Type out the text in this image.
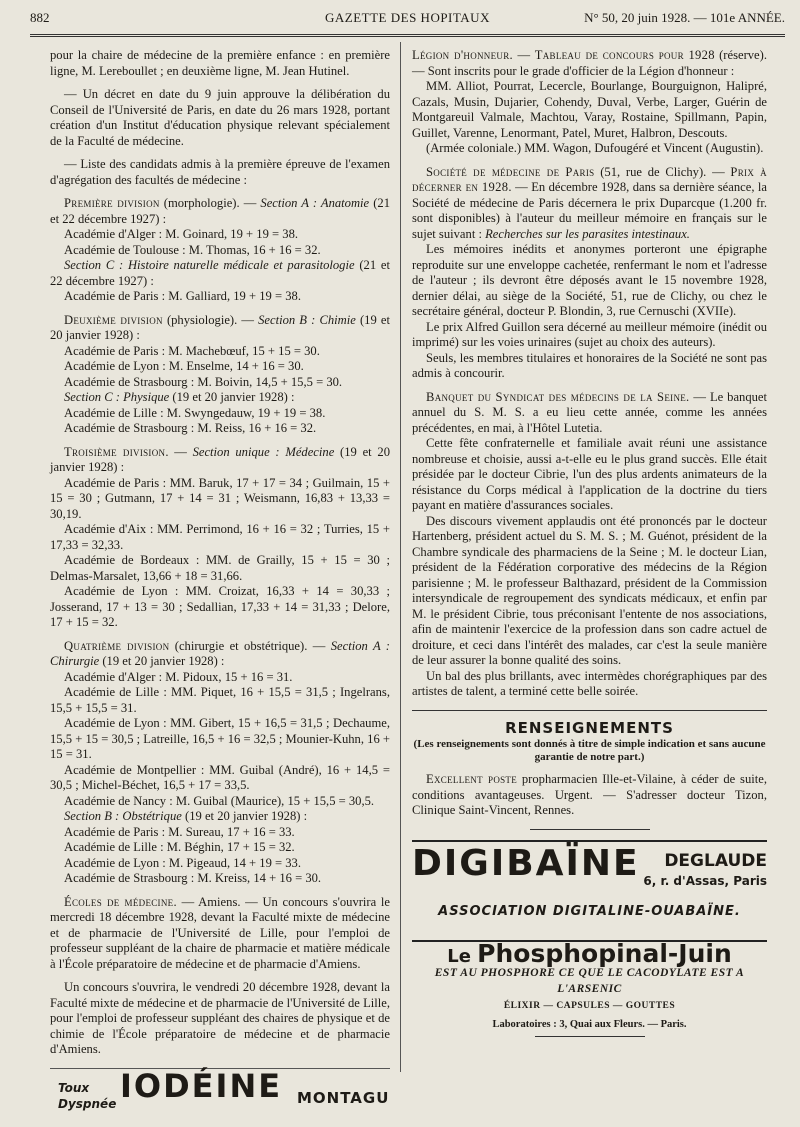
882	GAZETTE DES HOPITAUX	N° 50, 20 juin 1928. — 101e ANNÉE.

pour la chaire de médecine de la première enfance : en première ligne, M. Lereboullet ; en deuxième ligne, M. Jean Hutinel.

— Un décret en date du 9 juin approuve la délibération du Conseil de l'Université de Paris, en date du 26 mars 1928, portant création d'un Institut d'éducation physique relevant spécialement de la Faculté de médecine.

— Liste des candidats admis à la première épreuve de l'examen d'agrégation des facultés de médecine :

Première division (morphologie). — Section A : Anatomie (21 et 22 décembre 1927) :

Académie d'Alger : M. Goinard, 19 + 19 = 38.

Académie de Toulouse : M. Thomas, 16 + 16 = 32.

Section C : Histoire naturelle médicale et parasitologie (21 et 22 décembre 1927) :

Académie de Paris : M. Galliard, 19 + 19 = 38.

Deuxième division (physiologie). — Section B : Chimie (19 et 20 janvier 1928) :

Académie de Paris : M. Machebœuf, 15 + 15 = 30.

Académie de Lyon : M. Enselme, 14 + 16 = 30.

Académie de Strasbourg : M. Boivin, 14,5 + 15,5 = 30.

Section C : Physique (19 et 20 janvier 1928) :

Académie de Lille : M. Swyngedauw, 19 + 19 = 38.

Académie de Strasbourg : M. Reiss, 16 + 16 = 32.

Troisième division. — Section unique : Médecine (19 et 20 janvier 1928) :

Académie de Paris : MM. Baruk, 17 + 17 = 34 ; Guilmain, 15 + 15 = 30 ; Gutmann, 17 + 14 = 31 ; Weismann, 16,83 + 13,33 = 30,19.

Académie d'Aix : MM. Perrimond, 16 + 16 = 32 ; Turries, 15 + 17,33 = 32,33.

Académie de Bordeaux : MM. de Grailly, 15 + 15 = 30 ; Delmas-Marsalet, 13,66 + 18 = 31,66.

Académie de Lyon : MM. Croizat, 16,33 + 14 = 30,33 ; Josserand, 17 + 13 = 30 ; Sedallian, 17,33 + 14 = 31,33 ; Delore, 17 + 15 = 32.

Quatrième division (chirurgie et obstétrique). — Section A : Chirurgie (19 et 20 janvier 1928) :

Académie d'Alger : M. Pidoux, 15 + 16 = 31.

Académie de Lille : MM. Piquet, 16 + 15,5 = 31,5 ; Ingelrans, 15,5 + 15,5 = 31.

Académie de Lyon : MM. Gibert, 15 + 16,5 = 31,5 ; Dechaume, 15,5 + 15 = 30,5 ; Latreille, 16,5 + 16 = 32,5 ; Mounier-Kuhn, 16 + 15 = 31.

Académie de Montpellier : MM. Guibal (André), 16 + 14,5 = 30,5 ; Michel-Béchet, 16,5 + 17 = 33,5.

Académie de Nancy : M. Guibal (Maurice), 15 + 15,5 = 30,5.

Section B : Obstétrique (19 et 20 janvier 1928) :

Académie de Paris : M. Sureau, 17 + 16 = 33.

Académie de Lille : M. Béghin, 17 + 15 = 32.

Académie de Lyon : M. Pigeaud, 14 + 19 = 33.

Académie de Strasbourg : M. Kreiss, 14 + 16 = 30.

Écoles de médecine. — Amiens. — Un concours s'ouvrira le mercredi 18 décembre 1928, devant la Faculté mixte de médecine et de pharmacie de l'Université de Lille, pour l'emploi de professeur suppléant de la chaire de pharmacie et matière médicale à l'École préparatoire de médecine et de pharmacie d'Amiens.

Un concours s'ouvrira, le vendredi 20 décembre 1928, devant la Faculté mixte de médecine et de pharmacie de l'Université de Lille, pour l'emploi de professeur suppléant des chaires de physique et de chimie de l'École préparatoire de médecine et de pharmacie d'Amiens.

Toux
Dyspnée IODÉINE MONTAGU

Légion d'honneur. — Tableau de concours pour 1928 (réserve). — Sont inscrits pour le grade d'officier de la Légion d'honneur :

MM. Alliot, Pourrat, Lecercle, Bourlange, Bourguignon, Halipré, Cazals, Musin, Dujarier, Cohendy, Duval, Verbe, Larger, Guérin de Montgareuil Valmale, Machtou, Varay, Rostaine, Spillmann, Papin, Guillet, Varenne, Lenormant, Patel, Muret, Halbron, Descouts.

(Armée coloniale.) MM. Wagon, Dufougéré et Vincent (Augustin).

Société de médecine de Paris (51, rue de Clichy). — Prix à décerner en 1928. — En décembre 1928, dans sa dernière séance, la Société de médecine de Paris décernera le prix Duparcque (1.200 fr. sont disponibles) à l'auteur du meilleur mémoire en français sur le sujet suivant : Recherches sur les parasites intestinaux.

Les mémoires inédits et anonymes porteront une épigraphe reproduite sur une enveloppe cachetée, renfermant le nom et l'adresse de l'auteur ; ils devront être déposés avant le 15 novembre 1928, dernier délai, au siège de la Société, 51, rue de Clichy, ou chez le secrétaire général, docteur P. Blondin, 3, rue Cernuschi (XVIIe).

Le prix Alfred Guillon sera décerné au meilleur mémoire (inédit ou imprimé) sur les voies urinaires (sujet au choix des auteurs).

Seuls, les membres titulaires et honoraires de la Société ne sont pas admis à concourir.

Banquet du Syndicat des médecins de la Seine. — Le banquet annuel du S. M. S. a eu lieu cette année, comme les années précédentes, en mai, à l'Hôtel Lutetia.

Cette fête confraternelle et familiale avait réuni une assistance nombreuse et choisie, aussi a-t-elle eu le plus grand succès. Elle était présidée par le docteur Cibrie, l'un des plus ardents animateurs de la résistance du Corps médical à l'application de la doctrine du tiers payant en matière d'assurances sociales.

Des discours vivement applaudis ont été prononcés par le docteur Hartenberg, président actuel du S. M. S. ; M. Guénot, président de la Chambre syndicale des pharmaciens de la Seine ; M. le docteur Lian, président de la Fédération corporative des médecins de la Région parisienne ; M. le professeur Balthazard, président de la Commission intersyndicale de regroupement des syndicats médicaux, et enfin par M. le président Cibrie, tous préconisant l'entente de nos associations, afin de maintenir l'exercice de la profession dans son cadre actuel de droiture, et ceci dans l'intérêt des malades, car c'est la seule manière de leur assurer la bonne qualité des soins.

Un bal des plus brillants, avec intermèdes chorégraphiques par des artistes de talent, a terminé cette belle soirée.

RENSEIGNEMENTS
(Les renseignements sont donnés à titre de simple indication et sans aucune garantie de notre part.)

Excellent poste propharmacien Ille-et-Vilaine, à céder de suite, conditions avantageuses. Urgent. — S'adresser docteur Tizon, Clinique Saint-Vincent, Rennes.

DIGIBAÏNE DEGLAUDE
6, r. d'Assas, Paris
ASSOCIATION DIGITALINE-OUABAÏNE.
Le Phosphopinal-Juin
EST AU PHOSPHORE CE QUE LE CACODYLATE EST A L'ARSENIC
ÉLIXIR — CAPSULES — GOUTTES
Laboratoires : 3, Quai aux Fleurs. — Paris.
